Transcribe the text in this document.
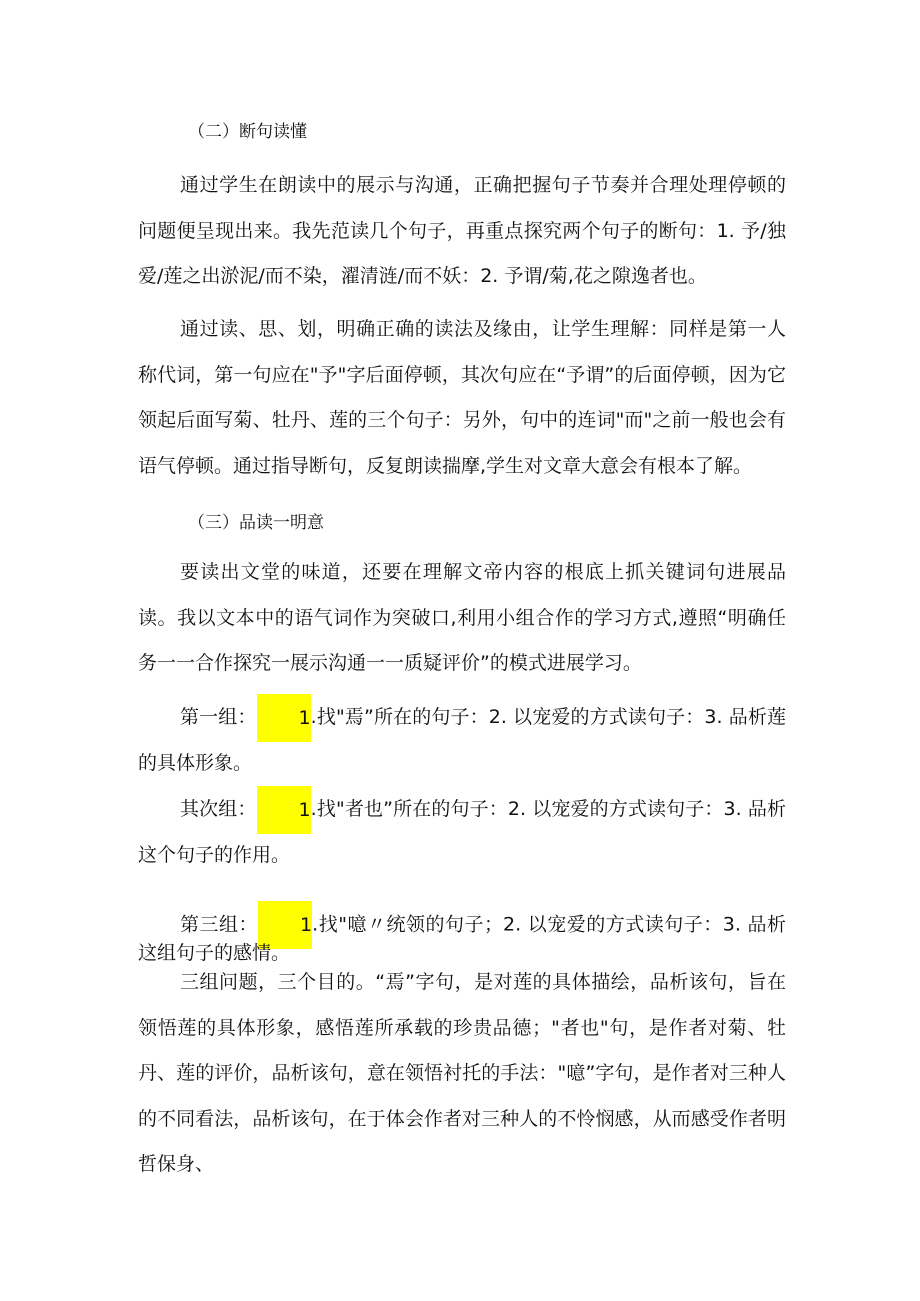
（二）断句读懂

通过学生在朗读中的展示与沟通，正确把握句子节奏并合理处理停顿的问题便呈现出来。我先范读几个句子，再重点探究两个句子的断句：1. 予/独爱/莲之出淤泥/而不染，濯清涟/而不妖：2. 予谓/菊,花之隙逸者也。

通过读、思、划，明确正确的读法及缘由，让学生理解：同样是第一人称代词，第一句应在"予"字后面停顿，其次句应在“予谓”的后面停顿，因为它领起后面写菊、牡丹、莲的三个句子：另外，句中的连词"而"之前一般也会有语气停顿。通过指导断句，反复朗读揣摩,学生对文章大意会有根本了解。

（三）品读一明意

要读出文堂的味道，还要在理解文帝内容的根底上抓关键词句进展品读。我以文本中的语气词作为突破口,利用小组合作的学习方式,遵照“明确任务一一合作探究一展示沟通一一质疑评价”的模式进展学习。

第一组： 1.找"焉”所在的句子：2. 以宠爱的方式读句子：3. 品析莲的具体形象。

其次组： 1.找"者也”所在的句子：2. 以宠爱的方式读句子：3. 品析这个句子的作用。

第三组： 1.找"噫〃统领的句子；2. 以宠爱的方式读句子：3. 品析这组句子的感情。

三组问题，三个目的。“焉”字句，是对莲的具体描绘，品析该句，旨在领悟莲的具体形象，感悟莲所承载的珍贵品德；"者也"句，是作者对菊、牡丹、莲的评价，品析该句，意在领悟衬托的手法："噫”字句，是作者对三种人的不同看法，品析该句，在于体会作者对三种人的不怜悯感，从而感受作者明哲保身、
